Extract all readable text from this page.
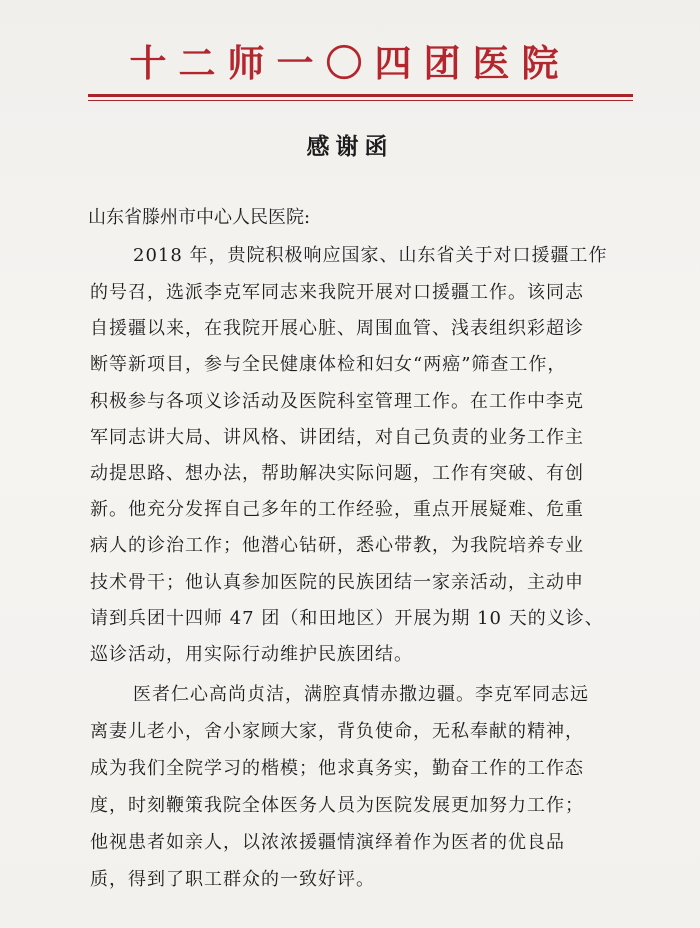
十二师一〇四团医院
感谢函
山东省滕州市中心人民医院:
2018 年，贵院积极响应国家、山东省关于对口援疆工作
的号召，选派李克军同志来我院开展对口援疆工作。该同志
自援疆以来，在我院开展心脏、周围血管、浅表组织彩超诊
断等新项目，参与全民健康体检和妇女“两癌”筛查工作，
积极参与各项义诊活动及医院科室管理工作。在工作中李克
军同志讲大局、讲风格、讲团结，对自己负责的业务工作主
动提思路、想办法，帮助解决实际问题，工作有突破、有创
新。他充分发挥自己多年的工作经验，重点开展疑难、危重
病人的诊治工作；他潜心钻研，悉心带教，为我院培养专业
技术骨干；他认真参加医院的民族团结一家亲活动，主动申
请到兵团十四师 47 团（和田地区）开展为期 10 天的义诊、
巡诊活动，用实际行动维护民族团结。
医者仁心高尚贞洁，满腔真情赤撒边疆。李克军同志远
离妻儿老小，舍小家顾大家，背负使命，无私奉献的精神，
成为我们全院学习的楷模；他求真务实，勤奋工作的工作态
度，时刻鞭策我院全体医务人员为医院发展更加努力工作；
他视患者如亲人，以浓浓援疆情演绎着作为医者的优良品
质，得到了职工群众的一致好评。
